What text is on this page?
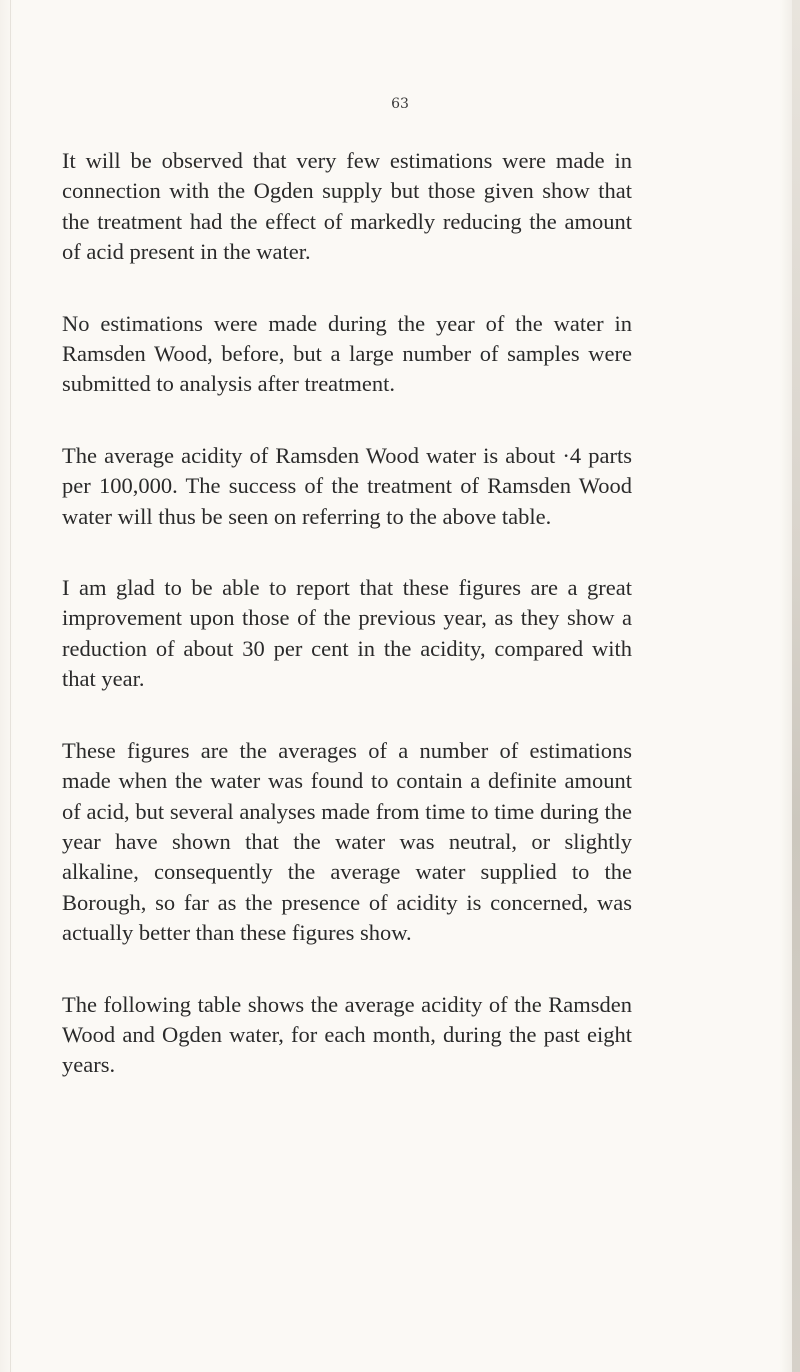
63

It will be observed that very few estimations were made in connection with the Ogden supply but those given show that the treatment had the effect of markedly reducing the amount of acid present in the water.

No estimations were made during the year of the water in Ramsden Wood, before, but a large number of samples were submitted to analysis after treatment.

The average acidity of Ramsden Wood water is about ·4 parts per 100,000. The success of the treatment of Ramsden Wood water will thus be seen on referring to the above table.

I am glad to be able to report that these figures are a great improvement upon those of the previous year, as they show a reduction of about 30 per cent in the acidity, compared with that year.

These figures are the averages of a number of estimations made when the water was found to contain a definite amount of acid, but several analyses made from time to time during the year have shown that the water was neutral, or slightly alkaline, consequently the average water supplied to the Borough, so far as the presence of acidity is concerned, was actually better than these figures show.

The following table shows the average acidity of the Ramsden Wood and Ogden water, for each month, during the past eight years.
